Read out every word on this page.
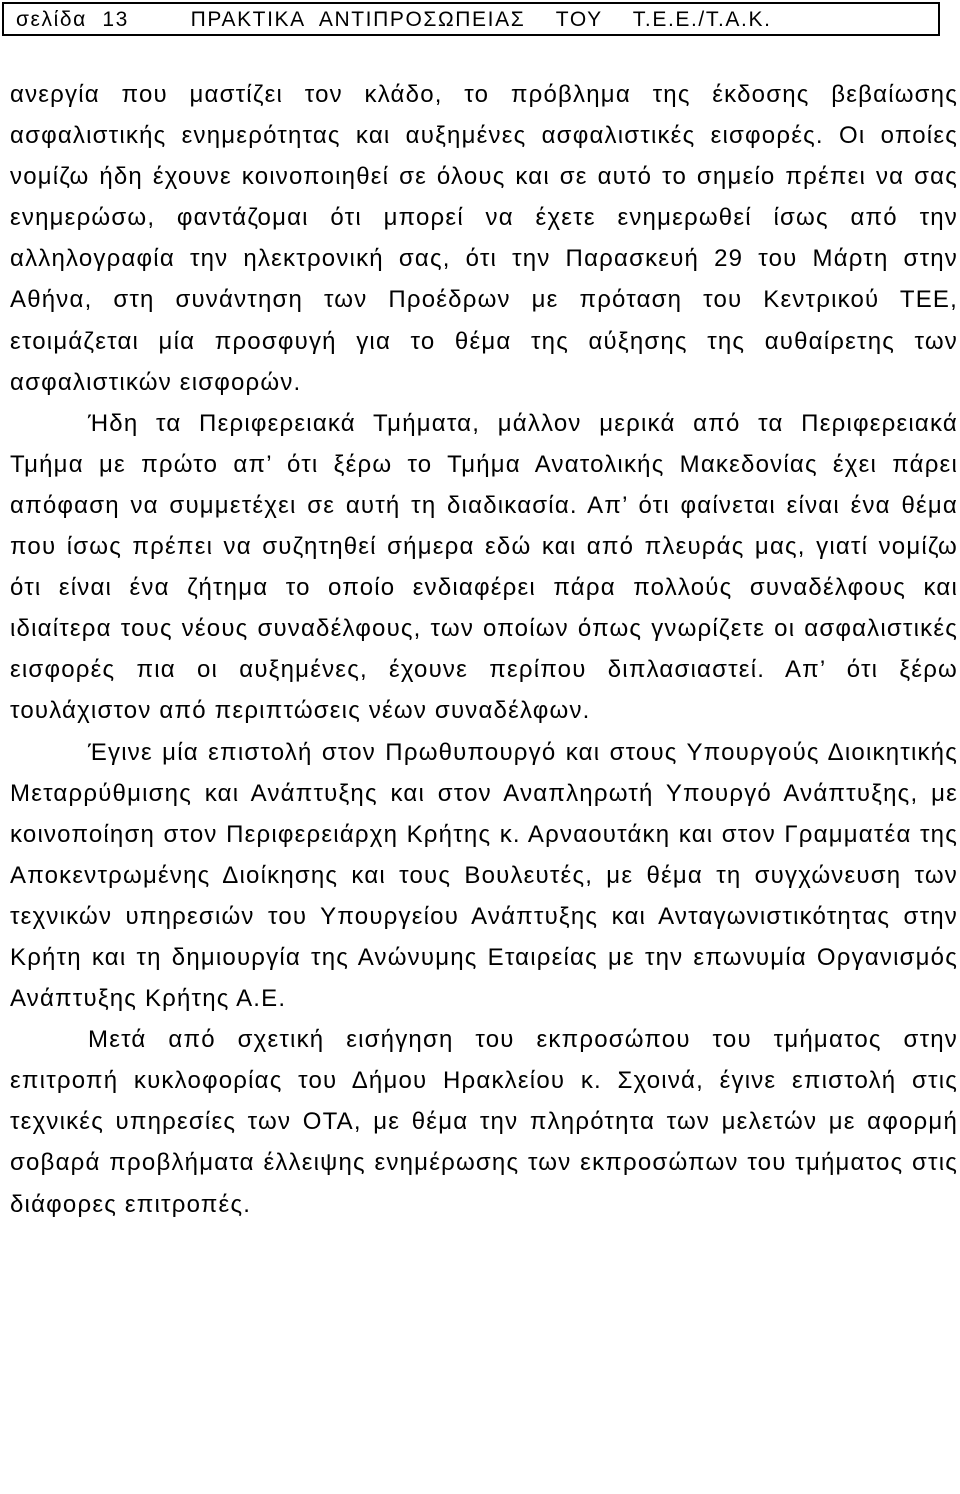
σελίδα 13    ΠΡΑΚΤΙΚΑ ΑΝΤΙΠΡΟΣΩΠΕΙΑΣ  ΤΟΥ  Τ.Ε.Ε./Τ.Α.Κ.

ανεργία που μαστίζει τον κλάδο, το πρόβλημα της έκδοσης βεβαίωσης ασφαλιστικής ενημερότητας και αυξημένες ασφαλιστικές εισφορές. Οι οποίες νομίζω ήδη έχουνε κοινοποιηθεί σε όλους και σε αυτό το σημείο πρέπει να σας ενημερώσω, φαντάζομαι ότι μπορεί να έχετε ενημερωθεί ίσως από την αλληλογραφία την ηλεκτρονική σας, ότι την Παρασκευή 29 του Μάρτη στην Αθήνα, στη συνάντηση των Προέδρων με πρόταση του Κεντρικού ΤΕΕ, ετοιμάζεται μία προσφυγή για το θέμα της αύξησης της αυθαίρετης των ασφαλιστικών εισφορών.

Ήδη τα Περιφερειακά Τμήματα, μάλλον μερικά από τα Περιφερειακά Τμήμα με πρώτο απ’ ότι ξέρω το Τμήμα Ανατολικής Μακεδονίας έχει πάρει απόφαση να συμμετέχει σε αυτή τη διαδικασία. Απ’ ότι φαίνεται είναι ένα θέμα που ίσως πρέπει να συζητηθεί σήμερα εδώ και από πλευράς μας, γιατί νομίζω ότι είναι ένα ζήτημα το οποίο ενδιαφέρει πάρα πολλούς συναδέλφους και ιδιαίτερα τους νέους συναδέλφους, των οποίων όπως γνωρίζετε οι ασφαλιστικές εισφορές πια οι αυξημένες, έχουνε περίπου διπλασιαστεί. Απ’ ότι ξέρω τουλάχιστον από περιπτώσεις νέων συναδέλφων.

Έγινε μία επιστολή στον Πρωθυπουργό και στους Υπουργούς Διοικητικής Μεταρρύθμισης και Ανάπτυξης και στον Αναπληρωτή Υπουργό Ανάπτυξης, με κοινοποίηση στον Περιφερειάρχη Κρήτης κ. Αρναουτάκη και στον Γραμματέα της Αποκεντρωμένης Διοίκησης και τους Βουλευτές, με θέμα τη συγχώνευση των τεχνικών υπηρεσιών του Υπουργείου Ανάπτυξης και Ανταγωνιστικότητας στην Κρήτη και τη δημιουργία της Ανώνυμης Εταιρείας με την επωνυμία Οργανισμός Ανάπτυξης Κρήτης Α.Ε.

Μετά από σχετική εισήγηση του εκπροσώπου του τμήματος στην επιτροπή κυκλοφορίας του Δήμου Ηρακλείου κ. Σχοινά, έγινε επιστολή στις τεχνικές υπηρεσίες των ΟΤΑ, με θέμα την πληρότητα των μελετών με αφορμή σοβαρά προβλήματα έλλειψης ενημέρωσης των εκπροσώπων του τμήματος στις διάφορες επιτροπές.
